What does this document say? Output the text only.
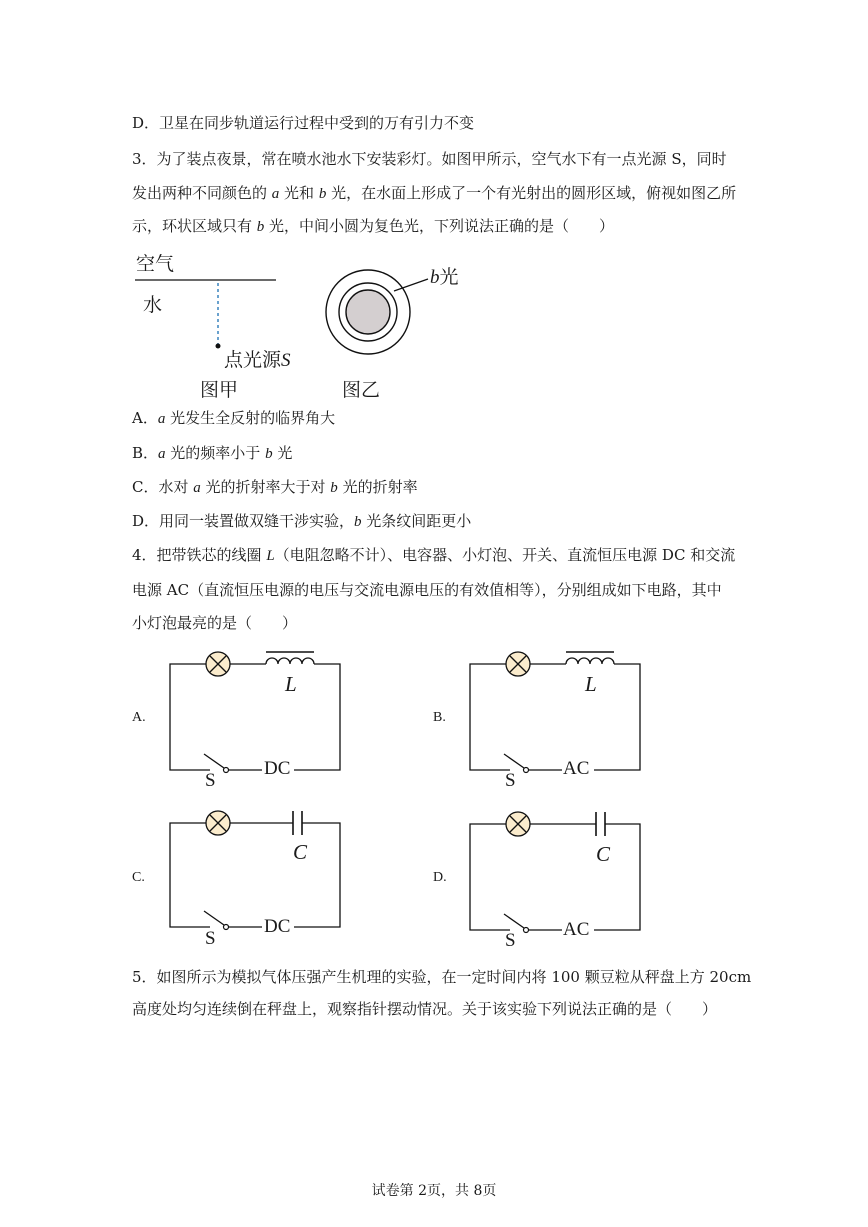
D．卫星在同步轨道运行过程中受到的万有引力不变
3．为了装点夜景，常在喷水池水下安装彩灯。如图甲所示，空气水下有一点光源 S，同时
发出两种不同颜色的 a 光和 b 光，在水面上形成了一个有光射出的圆形区域，俯视如图乙所
示，环状区域只有 b 光，中间小圆为复色光，下列说法正确的是（　　）
A．a 光发生全反射的临界角大
B．a 光的频率小于 b 光
C．水对 a 光的折射率大于对 b 光的折射率
D．用同一装置做双缝干涉实验，b 光条纹间距更小
4．把带铁芯的线圈 L（电阻忽略不计）、电容器、小灯泡、开关、直流恒压电源 DC 和交流
电源 AC（直流恒压电源的电压与交流电源电压的有效值相等），分别组成如下电路，其中
小灯泡最亮的是（　　）
5．如图所示为模拟气体压强产生机理的实验，在一定时间内将 100 颗豆粒从秤盘上方 20cm
高度处均匀连续倒在秤盘上，观察指针摆动情况。关于该实验下列说法正确的是（　　）
空气
水
点光源S
图甲	图乙
b光
A.
L
S
DC
B.
L
S
AC
C.
C
S
DC
D.
C
S
AC
试卷第 2页，共 8页
